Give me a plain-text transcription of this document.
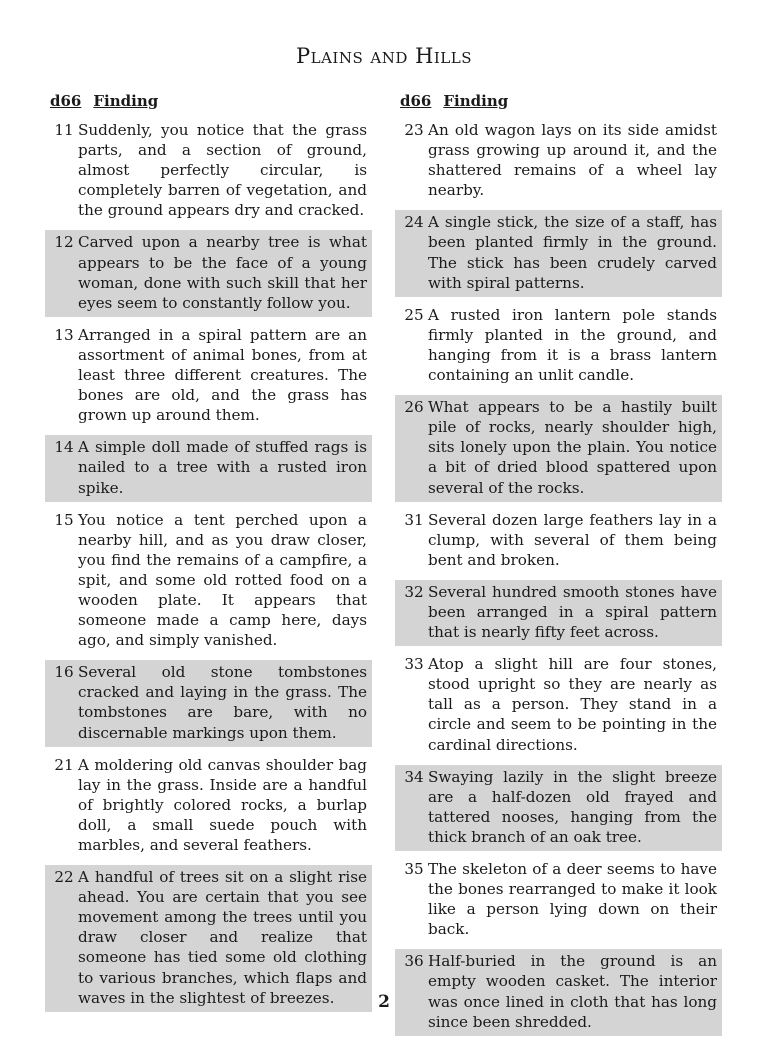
Plains and Hills
d66 Finding
11 Suddenly, you notice that the grass parts, and a section of ground, almost perfectly circular, is completely barren of vegetation, and the ground appears dry and cracked.
12 Carved upon a nearby tree is what appears to be the face of a young woman, done with such skill that her eyes seem to constantly follow you.
13 Arranged in a spiral pattern are an assortment of animal bones, from at least three different creatures. The bones are old, and the grass has grown up around them.
14 A simple doll made of stuffed rags is nailed to a tree with a rusted iron spike.
15 You notice a tent perched upon a nearby hill, and as you draw closer, you find the remains of a campfire, a spit, and some old rotted food on a wooden plate. It appears that someone made a camp here, days ago, and simply vanished.
16 Several old stone tombstones cracked and laying in the grass. The tombstones are bare, with no discernable markings upon them.
21 A moldering old canvas shoulder bag lay in the grass. Inside are a handful of brightly colored rocks, a burlap doll, a small suede pouch with marbles, and several feathers.
22 A handful of trees sit on a slight rise ahead. You are certain that you see movement among the trees until you draw closer and realize that someone has tied some old clothing to various branches, which flaps and waves in the slightest of breezes.
d66 Finding
23 An old wagon lays on its side amidst grass growing up around it, and the shattered remains of a wheel lay nearby.
24 A single stick, the size of a staff, has been planted firmly in the ground. The stick has been crudely carved with spiral patterns.
25 A rusted iron lantern pole stands firmly planted in the ground, and hanging from it is a brass lantern containing an unlit candle.
26 What appears to be a hastily built pile of rocks, nearly shoulder high, sits lonely upon the plain. You notice a bit of dried blood spattered upon several of the rocks.
31 Several dozen large feathers lay in a clump, with several of them being bent and broken.
32 Several hundred smooth stones have been arranged in a spiral pattern that is nearly fifty feet across.
33 Atop a slight hill are four stones, stood upright so they are nearly as tall as a person. They stand in a circle and seem to be pointing in the cardinal directions.
34 Swaying lazily in the slight breeze are a half-dozen old frayed and tattered nooses, hanging from the thick branch of an oak tree.
35 The skeleton of a deer seems to have the bones rearranged to make it look like a person lying down on their back.
36 Half-buried in the ground is an empty wooden casket. The interior was once lined in cloth that has long since been shredded.
2
